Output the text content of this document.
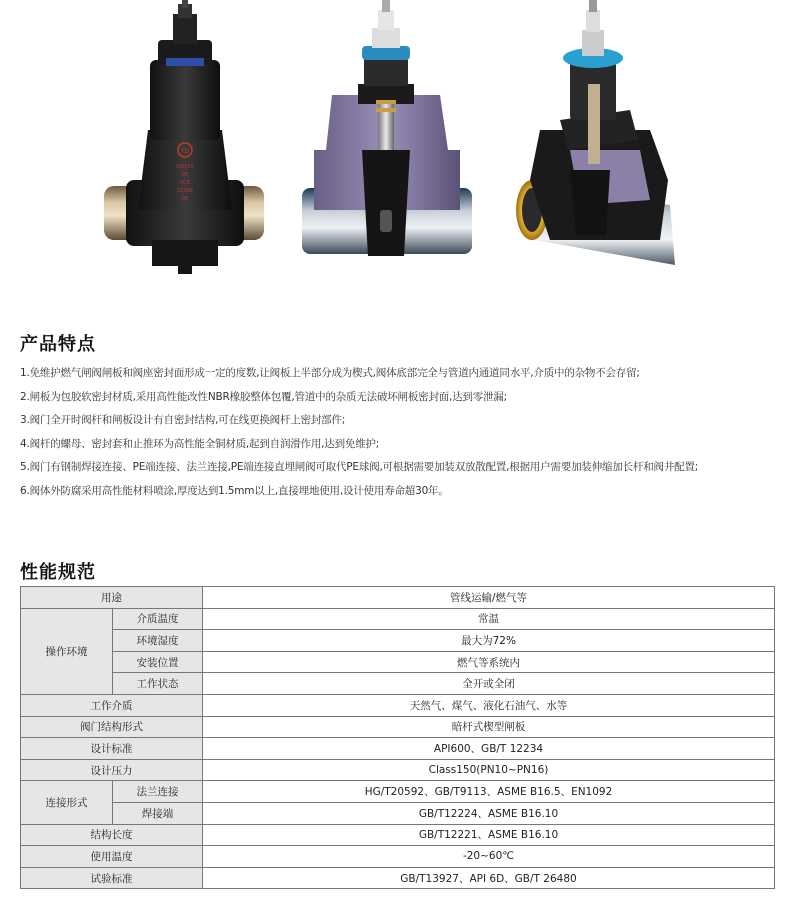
TD
DN150
PE
PCB
S1/DN
PE
产品特点
1.免维护燃气闸阀闸板和阀座密封面形成一定的度数,让阀板上半部分成为楔式,阀体底部完全与管道内通道同水平,介质中的杂物不会存留;
2.闸板为包胶软密封材质,采用高性能改性NBR橡胶整体包覆,管道中的杂质无法破坏闸板密封面,达到零泄漏;
3.阀门全开时阀杆和闸板设计有自密封结构,可在线更换阀杆上密封部件;
4.阀杆的螺母、密封套和止推环为高性能全铜材质,起到自润滑作用,达到免维护;
5.阀门有钢制焊接连接、PE端连接、法兰连接,PE端连接直埋闸阀可取代PE球阀,可根据需要加装双放散配置,根据用户需要加装伸缩加长杆和阀井配置;
6.阀体外防腐采用高性能材料喷涂,厚度达到1.5mm以上,直接埋地使用,设计使用寿命超30年。
性能规范
用途		管线运输/燃气等
操作环境	介质温度	常温
	环境湿度	最大为72%
	安装位置	燃气等系统内
	工作状态	全开或全闭
工作介质		天然气、煤气、液化石油气、水等
阀门结构形式		暗杆式楔型闸板
设计标准		API600、GB/T 12234
设计压力		Class150(PN10~PN16)
连接形式	法兰连接	HG/T20592、GB/T9113、ASME B16.5、EN1092
	焊接端	GB/T12224、ASME B16.10
结构长度		GB/T12221、ASME B16.10
使用温度		-20~60℃
试验标准		GB/T13927、API 6D、GB/T 26480
